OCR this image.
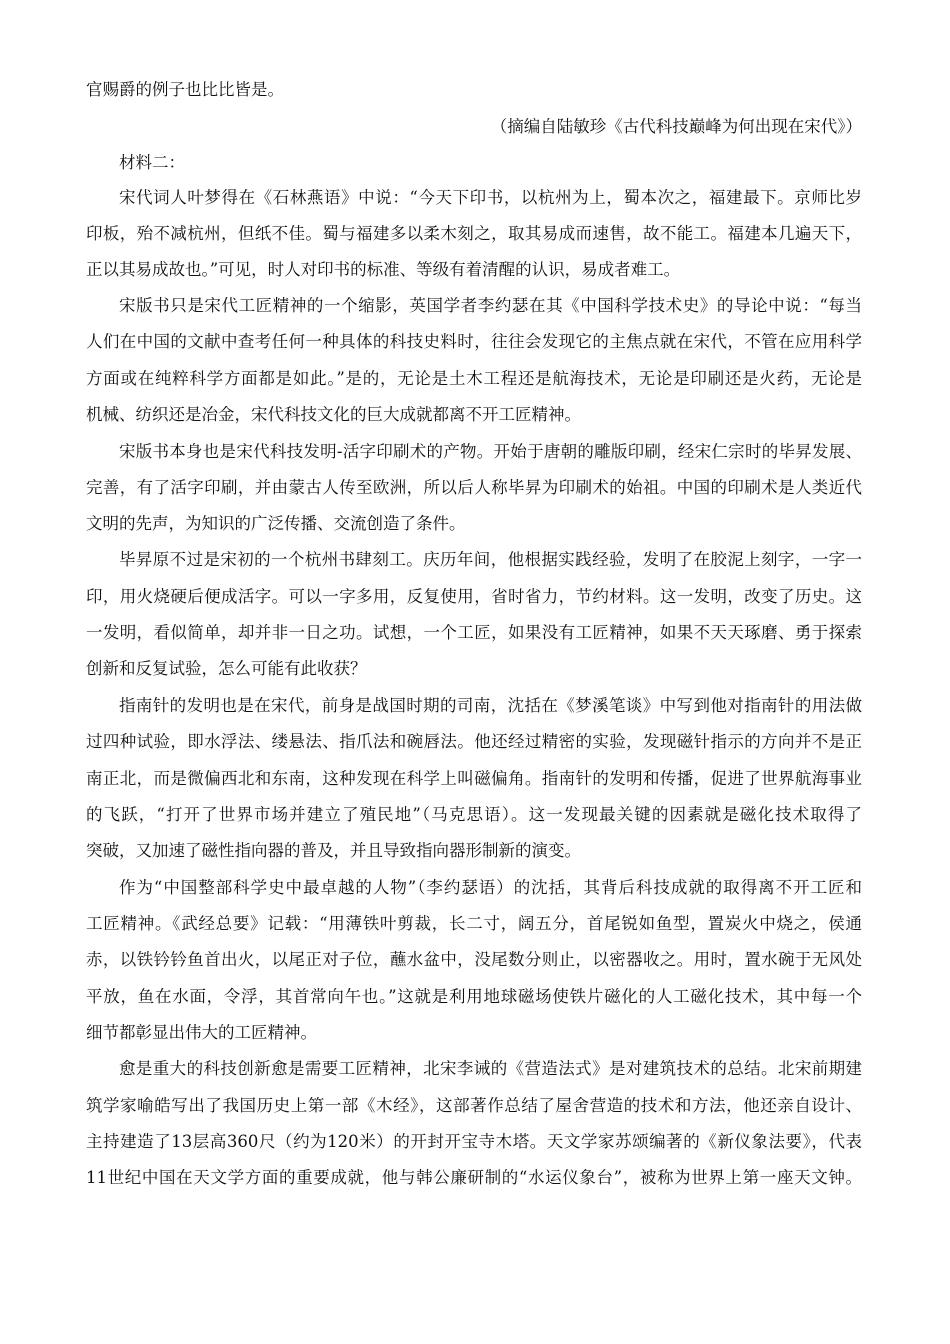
官赐爵的例子也比比皆是。
（摘编自陆敏珍《古代科技巅峰为何出现在宋代》）
材料二：
宋代词人叶梦得在《石林燕语》中说：“今天下印书，以杭州为上，蜀本次之，福建最下。京师比岁
印板，殆不减杭州，但纸不佳。蜀与福建多以柔木刻之，取其易成而速售，故不能工。福建本几遍天下，
正以其易成故也。”可见，时人对印书的标准、等级有着清醒的认识，易成者难工。
宋版书只是宋代工匠精神的一个缩影，英国学者李约瑟在其《中国科学技术史》的导论中说：“每当
人们在中国的文献中查考任何一种具体的科技史料时，往往会发现它的主焦点就在宋代，不管在应用科学
方面或在纯粹科学方面都是如此。”是的，无论是土木工程还是航海技术，无论是印刷还是火药，无论是
机械、纺织还是冶金，宋代科技文化的巨大成就都离不开工匠精神。
宋版书本身也是宋代科技发明-活字印刷术的产物。开始于唐朝的雕版印刷，经宋仁宗时的毕昇发展、
完善，有了活字印刷，并由蒙古人传至欧洲，所以后人称毕昇为印刷术的始祖。中国的印刷术是人类近代
文明的先声，为知识的广泛传播、交流创造了条件。
毕昇原不过是宋初的一个杭州书肆刻工。庆历年间，他根据实践经验，发明了在胶泥上刻字，一字一
印，用火烧硬后便成活字。可以一字多用，反复使用，省时省力，节约材料。这一发明，改变了历史。这
一发明，看似简单，却并非一日之功。试想，一个工匠，如果没有工匠精神，如果不天天琢磨、勇于探索
创新和反复试验，怎么可能有此收获？
指南针的发明也是在宋代，前身是战国时期的司南，沈括在《梦溪笔谈》中写到他对指南针的用法做
过四种试验，即水浮法、缕悬法、指爪法和碗唇法。他还经过精密的实验，发现磁针指示的方向并不是正
南正北，而是微偏西北和东南，这种发现在科学上叫磁偏角。指南针的发明和传播，促进了世界航海事业
的飞跃，“打开了世界市场并建立了殖民地”（马克思语）。这一发现最关键的因素就是磁化技术取得了
突破，又加速了磁性指向器的普及，并且导致指向器形制新的演变。
作为“中国整部科学史中最卓越的人物”（李约瑟语）的沈括，其背后科技成就的取得离不开工匠和
工匠精神。《武经总要》记载：“用薄铁叶剪裁，长二寸，阔五分，首尾锐如鱼型，置炭火中烧之，侯通
赤，以铁钤钤鱼首出火，以尾正对子位，蘸水盆中，没尾数分则止，以密器收之。用时，置水碗于无风处
平放，鱼在水面，令浮，其首常向午也。”这就是利用地球磁场使铁片磁化的人工磁化技术，其中每一个
细节都彰显出伟大的工匠精神。
愈是重大的科技创新愈是需要工匠精神，北宋李诫的《营造法式》是对建筑技术的总结。北宋前期建
筑学家喻皓写出了我国历史上第一部《木经》，这部著作总结了屋舍营造的技术和方法，他还亲自设计、
主持建造了13层高360尺（约为120米）的开封开宝寺木塔。天文学家苏颂编著的《新仪象法要》，代表
11世纪中国在天文学方面的重要成就，他与韩公廉研制的“水运仪象台”，被称为世界上第一座天文钟。
